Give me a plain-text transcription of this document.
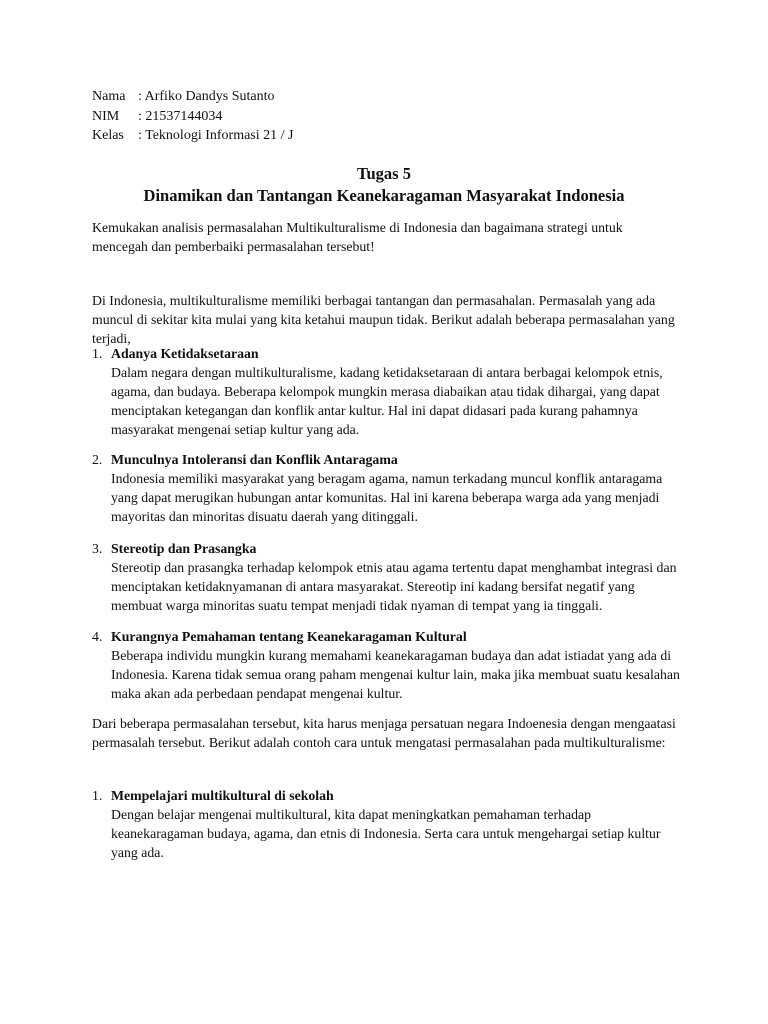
Nama : Arfiko Dandys Sutanto
NIM	: 21537144034
Kelas	: Teknologi Informasi 21 / J
Tugas 5
Dinamikan dan Tantangan Keanekaragaman Masyarakat Indonesia
Kemukakan analisis permasalahan Multikulturalisme di Indonesia dan bagaimana strategi untuk mencegah dan pemberbaiki permasalahan tersebut!
Di Indonesia, multikulturalisme memiliki berbagai tantangan dan permasahalan. Permasalah yang ada muncul di sekitar kita mulai yang kita ketahui maupun tidak. Berikut adalah beberapa permasalahan yang terjadi,
1. Adanya Ketidaksetaraan
Dalam negara dengan multikulturalisme, kadang ketidaksetaraan di antara berbagai kelompok etnis, agama, dan budaya. Beberapa kelompok mungkin merasa diabaikan atau tidak dihargai, yang dapat menciptakan ketegangan dan konflik antar kultur. Hal ini dapat didasari pada kurang pahamnya masyarakat mengenai setiap kultur yang ada.
2. Munculnya Intoleransi dan Konflik Antaragama
Indonesia memiliki masyarakat yang beragam agama, namun terkadang muncul konflik antaragama yang dapat merugikan hubungan antar komunitas. Hal ini karena beberapa warga ada yang menjadi mayoritas dan minoritas disuatu daerah yang ditinggali.
3. Stereotip dan Prasangka
Stereotip dan prasangka terhadap kelompok etnis atau agama tertentu dapat menghambat integrasi dan menciptakan ketidaknyamanan di antara masyarakat. Stereotip ini kadang bersifat negatif yang membuat warga minoritas suatu tempat menjadi tidak nyaman di tempat yang ia tinggali.
4. Kurangnya Pemahaman tentang Keanekaragaman Kultural
Beberapa individu mungkin kurang memahami keanekaragaman budaya dan adat istiadat yang ada di Indonesia. Karena tidak semua orang paham mengenai kultur lain, maka jika membuat suatu kesalahan maka akan ada perbedaan pendapat mengenai kultur.
Dari beberapa permasalahan tersebut, kita harus menjaga persatuan negara Indoenesia dengan mengaatasi permasalah tersebut. Berikut adalah contoh cara untuk mengatasi permasalahan pada multikulturalisme:
1. Mempelajari multikultural di sekolah
Dengan belajar mengenai multikultural, kita dapat meningkatkan pemahaman terhadap keanekaragaman budaya, agama, dan etnis di Indonesia. Serta cara untuk mengehargai setiap kultur yang ada.
